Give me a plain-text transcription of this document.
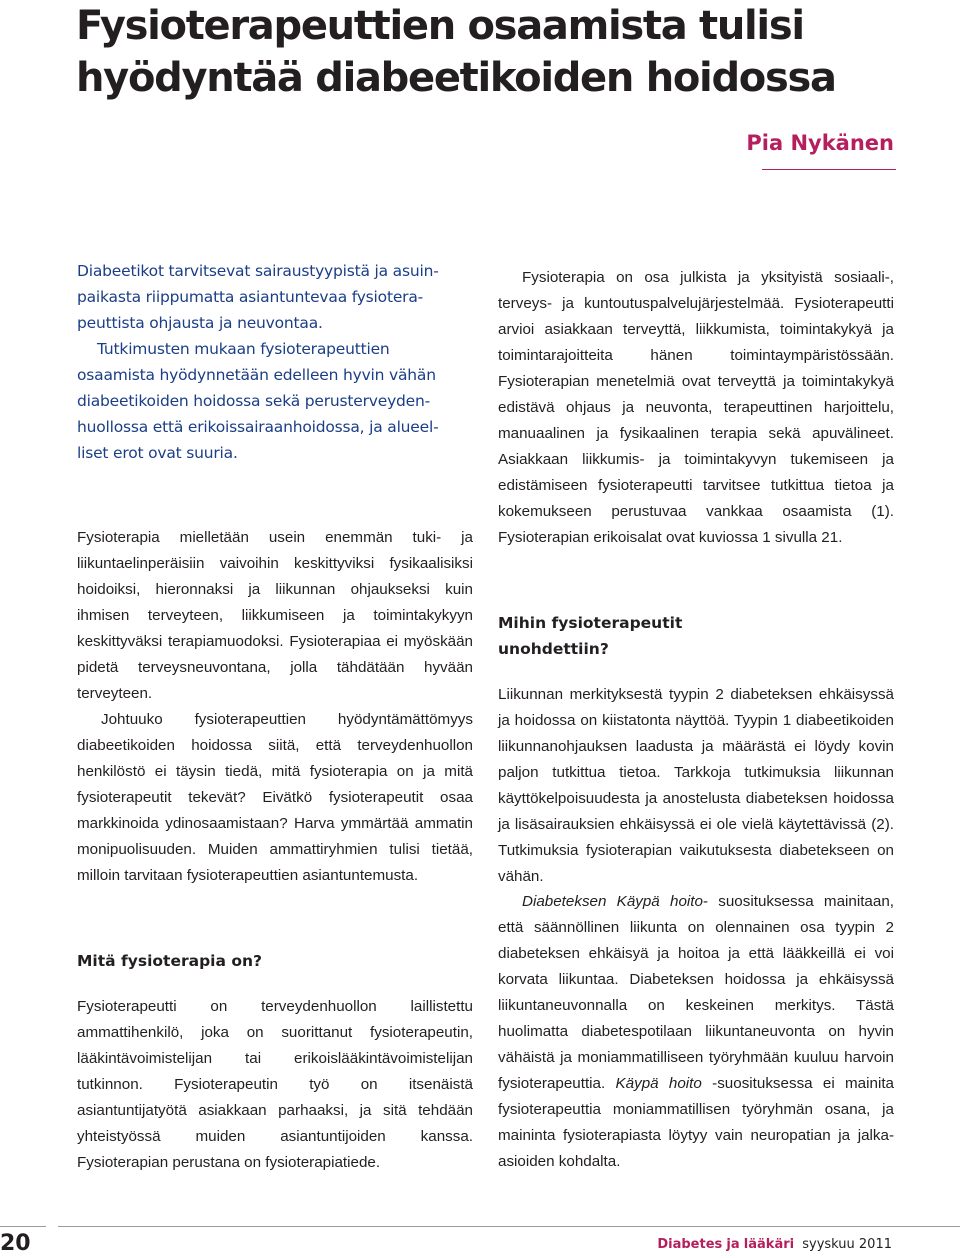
Fysioterapeuttien osaamista tulisi
hyödyntää diabeetikoiden hoidossa
Pia Nykänen
Diabeetikot tarvitsevat sairaustyypistä ja asuin-
paikasta riippumatta asiantuntevaa fysiotera-
peuttista ohjausta ja neuvontaa.
Tutkimusten mukaan fysioterapeuttien
osaamista hyödynnetään edelleen hyvin vähän
diabeetikoiden hoidossa sekä perusterveyden-
huollossa että erikoissairaanhoidossa, ja alueel-
liset erot ovat suuria.

Fysioterapia mielletään usein enemmän tuki- ja liikuntaelinperäisiin vaivoihin keskittyviksi fysikaalisiksi hoidoiksi, hieronnaksi ja liikunnan ohjaukseksi kuin ihmisen terveyteen, liikkumiseen ja toimintakykyyn keskittyväksi terapiamuodoksi. Fysioterapiaa ei myöskään pidetä terveysneuvontana, jolla tähdätään hyvään terveyteen.

Johtuuko fysioterapeuttien hyödyntämättömyys diabeetikoiden hoidossa siitä, että terveydenhuollon henkilöstö ei täysin tiedä, mitä fysioterapia on ja mitä fysioterapeutit tekevät? Eivätkö fysioterapeutit osaa markkinoida ydinosaamistaan? Harva ymmärtää ammatin monipuolisuuden. Muiden ammattiryhmien tulisi tietää, milloin tarvitaan fysioterapeuttien asiantuntemusta.

Mitä fysioterapia on?

Fysioterapeutti on terveydenhuollon laillistettu ammattihenkilö, joka on suorittanut fysioterapeutin, lääkintävoimistelijan tai erikoislääkintävoimistelijan tutkinnon. Fysioterapeutin työ on itsenäistä asiantuntijatyötä asiakkaan parhaaksi, ja sitä tehdään yhteistyössä muiden asiantuntijoiden kanssa. Fysioterapian perustana on fysioterapiatiede.

Fysioterapia on osa julkista ja yksityistä sosiaali-, terveys- ja kuntoutuspalvelujärjestelmää. Fysioterapeutti arvioi asiakkaan terveyttä, liikkumista, toimintakykyä ja toimintarajoitteita hänen toimintaympäristössään. Fysioterapian menetelmiä ovat terveyttä ja toimintakykyä edistävä ohjaus ja neuvonta, terapeuttinen harjoittelu, manuaalinen ja fysikaalinen terapia sekä apuvälineet. Asiakkaan liikkumis- ja toimintakyvyn tukemiseen ja edistämiseen fysioterapeutti tarvitsee tutkittua tietoa ja kokemukseen perustuvaa vankkaa osaamista (1). Fysioterapian erikoisalat ovat kuviossa 1 sivulla 21.

Mihin fysioterapeutit
unohdettiin?

Liikunnan merkityksestä tyypin 2 diabeteksen ehkäisyssä ja hoidossa on kiistatonta näyttöä. Tyypin 1 diabeetikoiden liikunnanohjauksen laadusta ja määrästä ei löydy kovin paljon tutkittua tietoa. Tarkkoja tutkimuksia liikunnan käyttökelpoisuudesta ja anostelusta diabeteksen hoidossa ja lisäsairauksien ehkäisyssä ei ole vielä käytettävissä (2). Tutkimuksia fysioterapian vaikutuksesta diabetekseen on vähän.

Diabeteksen Käypä hoito- suosituksessa mainitaan, että säännöllinen liikunta on olennainen osa tyypin 2 diabeteksen ehkäisyä ja hoitoa ja että lääkkeillä ei voi korvata liikuntaa. Diabeteksen hoidossa ja ehkäisyssä liikuntaneuvonnalla on keskeinen merkitys. Tästä huolimatta diabetespotilaan liikuntaneuvonta on hyvin vähäistä ja moniammatilliseen työryhmään kuuluu harvoin fysioterapeuttia. Käypä hoito -suosituksessa ei mainita fysioterapeuttia moniammatillisen työryhmän osana, ja maininta fysioterapiasta löytyy vain neuropatian ja jalka-asioiden kohdalta.

20	Diabetes ja lääkäri syyskuu 2011
